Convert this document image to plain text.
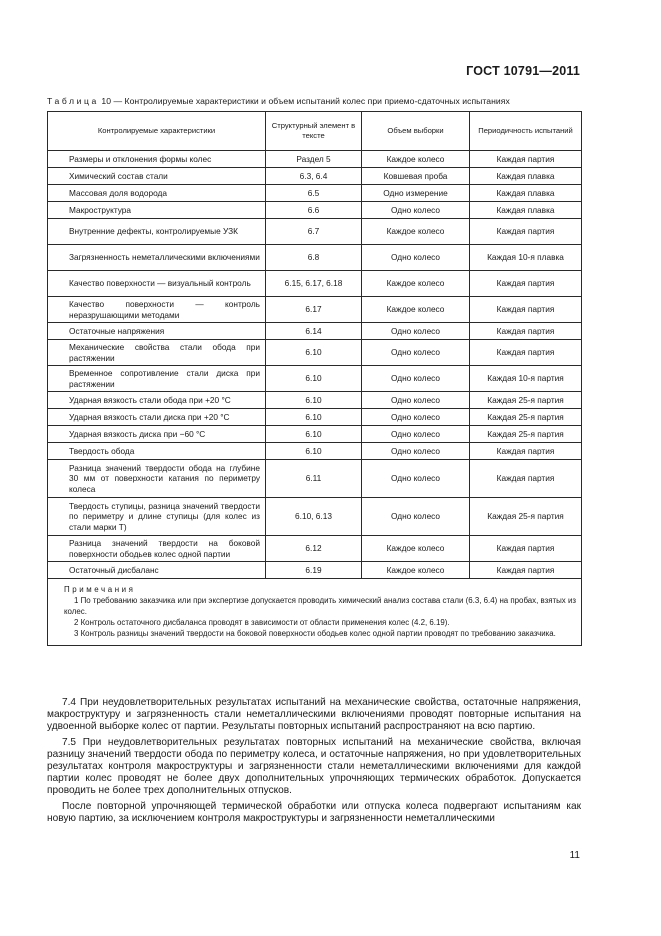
ГОСТ 10791—2011
Таблица 10 — Контролируемые характеристики и объем испытаний колес при приемо-сдаточных испытаниях
Контролируемые характеристики	Структурный элемент в тексте	Объем выборки	Периодичность испытаний
Размеры и отклонения формы колес	Раздел 5	Каждое колесо	Каждая партия
Химический состав стали	6.3, 6.4	Ковшевая проба	Каждая плавка
Массовая доля водорода	6.5	Одно измерение	Каждая плавка
Макроструктура	6.6	Одно колесо	Каждая плавка
Внутренние дефекты, контролируемые УЗК	6.7	Каждое колесо	Каждая партия
Загрязненность неметаллическими включениями	6.8	Одно колесо	Каждая 10-я плавка
Качество поверхности — визуальный контроль	6.15, 6.17, 6.18	Каждое колесо	Каждая партия
Качество поверхности — контроль неразрушающими методами	6.17	Каждое колесо	Каждая партия
Остаточные напряжения	6.14	Одно колесо	Каждая партия
Механические свойства стали обода при растяжении	6.10	Одно колесо	Каждая партия
Временное сопротивление стали диска при растяжении	6.10	Одно колесо	Каждая 10-я партия
Ударная вязкость стали обода при +20 °С	6.10	Одно колесо	Каждая 25-я партия
Ударная вязкость стали диска при +20 °С	6.10	Одно колесо	Каждая 25-я партия
Ударная вязкость диска при −60 °С	6.10	Одно колесо	Каждая 25-я партия
Твердость обода	6.10	Одно колесо	Каждая партия
Разница значений твердости обода на глубине 30 мм от поверхности катания по периметру колеса	6.11	Одно колесо	Каждая партия
Твердость ступицы, разница значений твердости по периметру и длине ступицы (для колес из стали марки Т)	6.10, 6.13	Одно колесо	Каждая 25-я партия
Разница значений твердости на боковой поверхности ободьев колес одной партии	6.12	Каждое колесо	Каждая партия
Остаточный дисбаланс	6.19	Каждое колесо	Каждая партия

Примечания
1 По требованию заказчика или при экспертизе допускается проводить химический анализ состава стали (6.3, 6.4) на пробах, взятых из колес.
2 Контроль остаточного дисбаланса проводят в зависимости от области применения колес (4.2, 6.19).
3 Контроль разницы значений твердости на боковой поверхности ободьев колес одной партии проводят по требованию заказчика.			

7.4 При неудовлетворительных результатах испытаний на механические свойства, остаточные напряжения, макроструктуру и загрязненность стали неметаллическими включениями проводят повторные испытания на удвоенной выборке колес от партии. Результаты повторных испытаний распространяют на всю партию.

7.5 При неудовлетворительных результатах повторных испытаний на механические свойства, включая разницу значений твердости обода по периметру колеса, и остаточные напряжения, но при удовлетворительных результатах контроля макроструктуры и загрязненности стали неметаллическими включениями для каждой партии колес проводят не более двух дополнительных упрочняющих термических обработок. Допускается проводить не более трех дополнительных отпусков.

После повторной упрочняющей термической обработки или отпуска колеса подвергают испытаниям как новую партию, за исключением контроля макроструктуры и загрязненности неметаллическими

11
